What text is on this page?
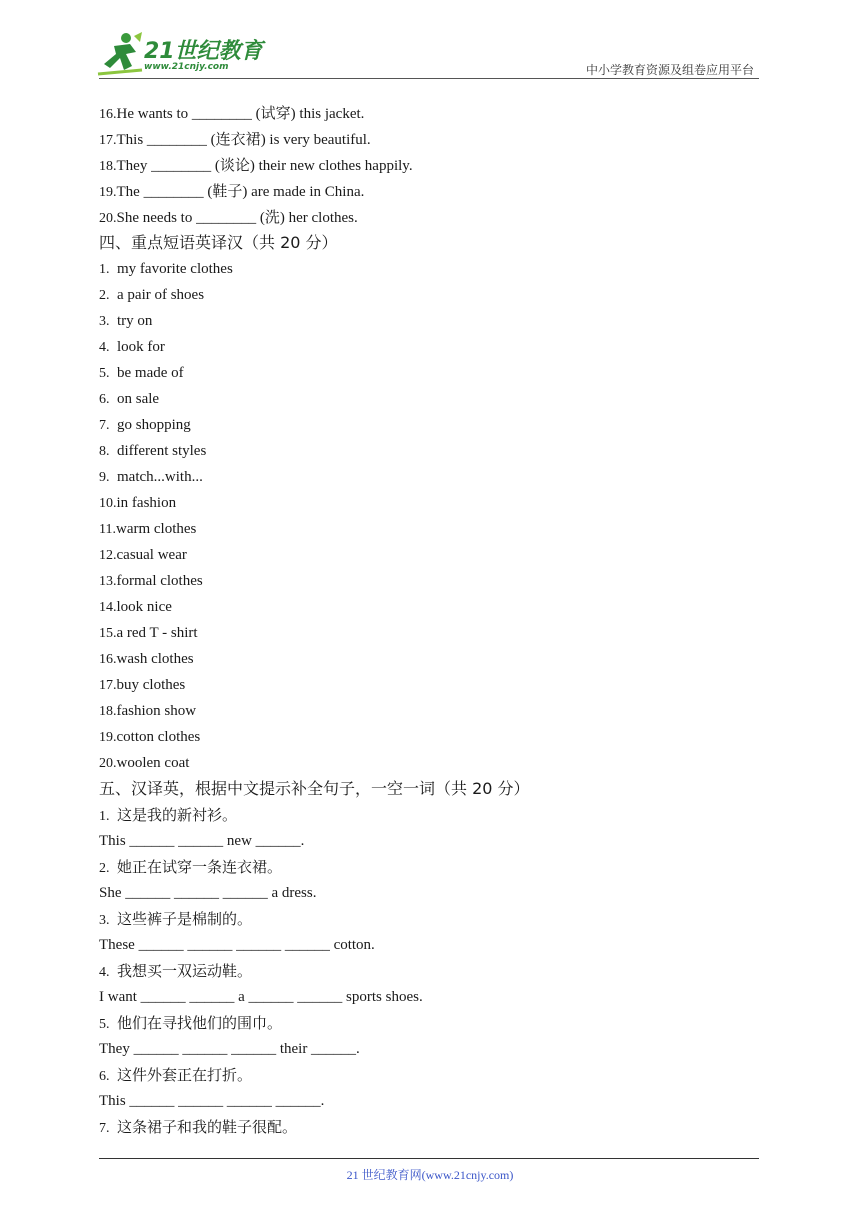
21世纪教育
www.21cnjy.com	中小学教育资源及组卷应用平台
16.He wants to ________ (试穿) this jacket.
17.This ________ (连衣裙) is very beautiful.
18.They ________ (谈论) their new clothes happily.
19.The ________ (鞋子) are made in China.
20.She needs to ________ (洗) her clothes.
四、重点短语英译汉（共 20 分）
1. my favorite clothes
2. a pair of shoes
3. try on
4. look for
5. be made of
6. on sale
7. go shopping
8. different styles
9. match...with...
10.in fashion
11.warm clothes
12.casual wear
13.formal clothes
14.look nice
15.a red T - shirt
16.wash clothes
17.buy clothes
18.fashion show
19.cotton clothes
20.woolen coat
五、汉译英，根据中文提示补全句子，一空一词（共 20 分）
1. 这是我的新衬衫。
This ______ ______ new ______.
2. 她正在试穿一条连衣裙。
She ______ ______ ______ a dress.
3. 这些裤子是棉制的。
These ______ ______ ______ ______ cotton.
4. 我想买一双运动鞋。
I want ______ ______ a ______ ______ sports shoes.
5. 他们在寻找他们的围巾。
They ______ ______ ______ their ______.
6. 这件外套正在打折。
This ______ ______ ______ ______.
7. 这条裙子和我的鞋子很配。
21 世纪教育网(www.21cnjy.com)
